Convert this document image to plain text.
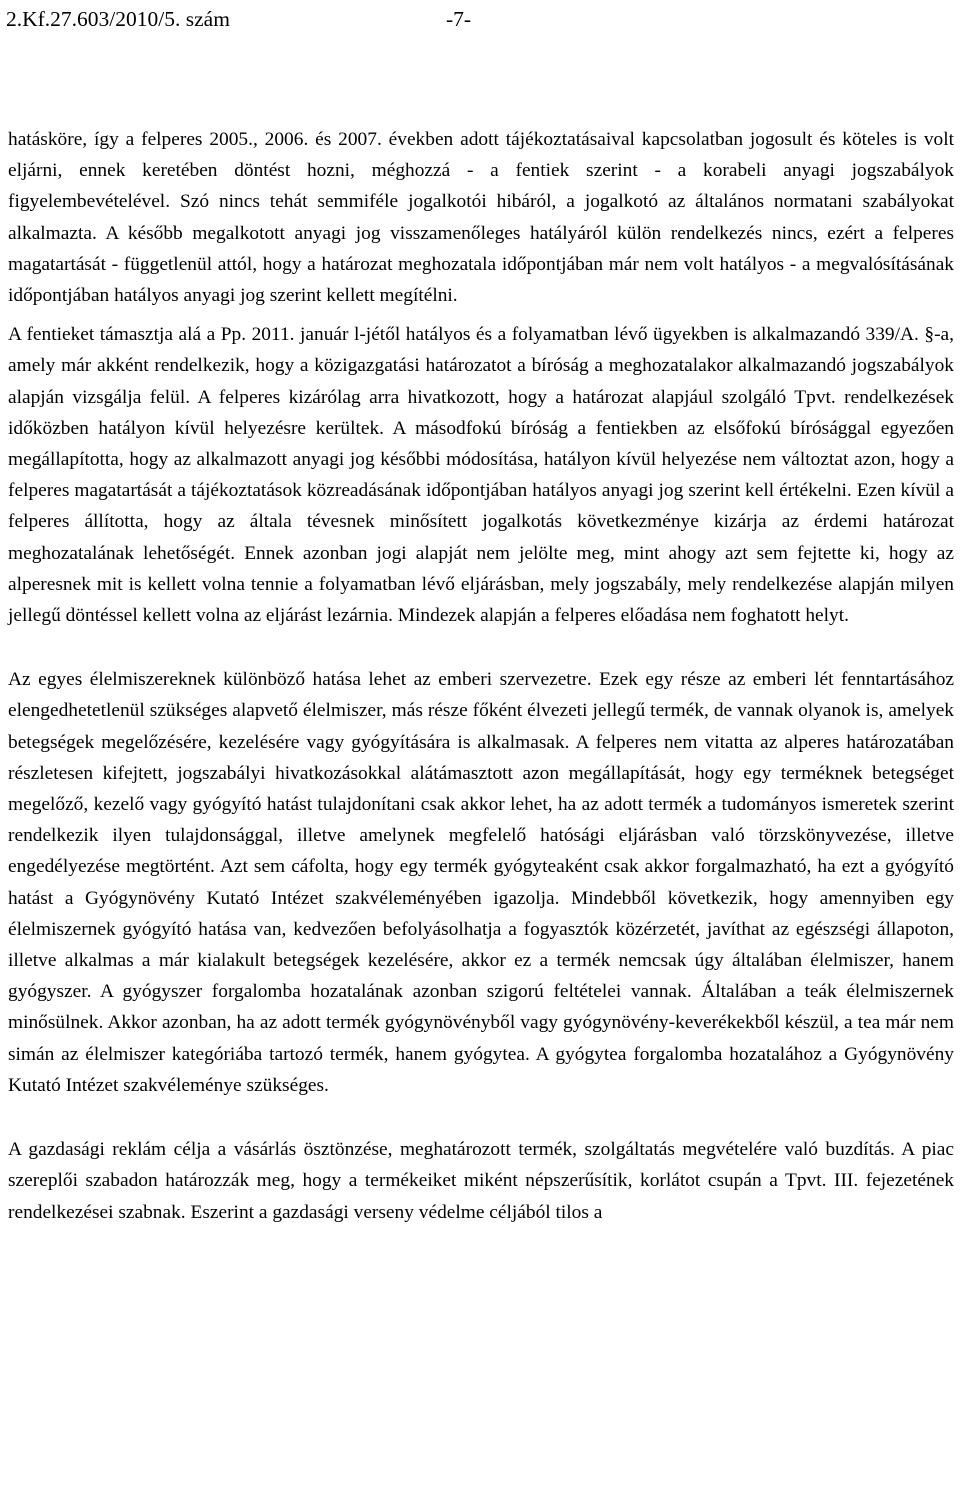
2.Kf.27.603/2010/5. szám	-7-

hatásköre, így a felperes 2005., 2006. és 2007. években adott tájékoztatásaival kapcsolatban jogosult és köteles is volt eljárni, ennek keretében döntést hozni, méghozzá - a fentiek szerint - a korabeli anyagi jogszabályok figyelembevételével. Szó nincs tehát semmiféle jogalkotói hibáról, a jogalkotó az általános normatani szabályokat alkalmazta. A később megalkotott anyagi jog visszamenőleges hatályáról külön rendelkezés nincs, ezért a felperes magatartását - függetlenül attól, hogy a határozat meghozatala időpontjában már nem volt hatályos - a megvalósításának időpontjában hatályos anyagi jog szerint kellett megítélni.

A fentieket támasztja alá a Pp. 2011. január l-jétől hatályos és a folyamatban lévő ügyekben is alkalmazandó 339/A. §-a, amely már akként rendelkezik, hogy a közigazgatási határozatot a bíróság a meghozatalakor alkalmazandó jogszabályok alapján vizsgálja felül. A felperes kizárólag arra hivatkozott, hogy a határozat alapjául szolgáló Tpvt. rendelkezések időközben hatályon kívül helyezésre kerültek. A másodfokú bíróság a fentiekben az elsőfokú bírósággal egyezően megállapította, hogy az alkalmazott anyagi jog későbbi módosítása, hatályon kívül helyezése nem változtat azon, hogy a felperes magatartását a tájékoztatások közreadásának időpontjában hatályos anyagi jog szerint kell értékelni. Ezen kívül a felperes állította, hogy az általa tévesnek minősített jogalkotás következménye kizárja az érdemi határozat meghozatalának lehetőségét. Ennek azonban jogi alapját nem jelölte meg, mint ahogy azt sem fejtette ki, hogy az alperesnek mit is kellett volna tennie a folyamatban lévő eljárásban, mely jogszabály, mely rendelkezése alapján milyen jellegű döntéssel kellett volna az eljárást lezárnia. Mindezek alapján a felperes előadása nem foghatott helyt.

Az egyes élelmiszereknek különböző hatása lehet az emberi szervezetre. Ezek egy része az emberi lét fenntartásához elengedhetetlenül szükséges alapvető élelmiszer, más része főként élvezeti jellegű termék, de vannak olyanok is, amelyek betegségek megelőzésére, kezelésére vagy gyógyítására is alkalmasak. A felperes nem vitatta az alperes határozatában részletesen kifejtett, jogszabályi hivatkozásokkal alátámasztott azon megállapítását, hogy egy terméknek betegséget megelőző, kezelő vagy gyógyító hatást tulajdonítani csak akkor lehet, ha az adott termék a tudományos ismeretek szerint rendelkezik ilyen tulajdonsággal, illetve amelynek megfelelő hatósági eljárásban való törzskönyvezése, illetve engedélyezése megtörtént. Azt sem cáfolta, hogy egy termék gyógyteaként csak akkor forgalmazható, ha ezt a gyógyító hatást a Gyógynövény Kutató Intézet szakvéleményében igazolja. Mindebből következik, hogy amennyiben egy élelmiszernek gyógyító hatása van, kedvezően befolyásolhatja a fogyasztók közérzetét, javíthat az egészségi állapoton, illetve alkalmas a már kialakult betegségek kezelésére, akkor ez a termék nemcsak úgy általában élelmiszer, hanem gyógyszer. A gyógyszer forgalomba hozatalának azonban szigorú feltételei vannak. Általában a teák élelmiszernek minősülnek. Akkor azonban, ha az adott termék gyógynövényből vagy gyógynövény-keverékekből készül, a tea már nem simán az élelmiszer kategóriába tartozó termék, hanem gyógytea. A gyógytea forgalomba hozatalához a Gyógynövény Kutató Intézet szakvéleménye szükséges.

A gazdasági reklám célja a vásárlás ösztönzése, meghatározott termék, szolgáltatás megvételére való buzdítás. A piac szereplői szabadon határozzák meg, hogy a termékeiket miként népszerűsítik, korlátot csupán a Tpvt. III. fejezetének rendelkezései szabnak. Eszerint a gazdasági verseny védelme céljából tilos a
